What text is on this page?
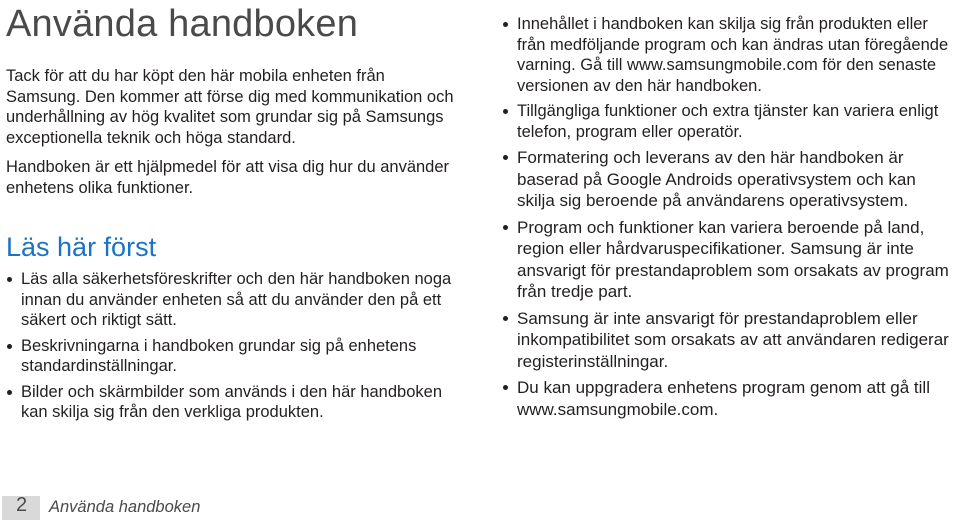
Använda handboken

Tack för att du har köpt den här mobila enheten från Samsung. Den kommer att förse dig med kommunikation och underhållning av hög kvalitet som grundar sig på Samsungs exceptionella teknik och höga standard.

Handboken är ett hjälpmedel för att visa dig hur du använder enhetens olika funktioner.

Läs här först
Läs alla säkerhetsföreskrifter och den här handboken noga innan du använder enheten så att du använder den på ett säkert och riktigt sätt.
Beskrivningarna i handboken grundar sig på enhetens standardinställningar.
Bilder och skärmbilder som används i den här handboken kan skilja sig från den verkliga produkten.
Innehållet i handboken kan skilja sig från produkten eller från medföljande program och kan ändras utan föregående varning. Gå till www.samsungmobile.com för den senaste versionen av den här handboken.
Tillgängliga funktioner och extra tjänster kan variera enligt telefon, program eller operatör.
Formatering och leverans av den här handboken är baserad på Google Androids operativsystem och kan skilja sig beroende på användarens operativsystem.
Program och funktioner kan variera beroende på land, region eller hårdvaruspecifikationer. Samsung är inte ansvarigt för prestandaproblem som orsakats av program från tredje part.
Samsung är inte ansvarigt för prestandaproblem eller inkompatibilitet som orsakats av att användaren redigerar registerinställningar.
Du kan uppgradera enhetens program genom att gå till www.samsungmobile.com.
2 Använda handboken
